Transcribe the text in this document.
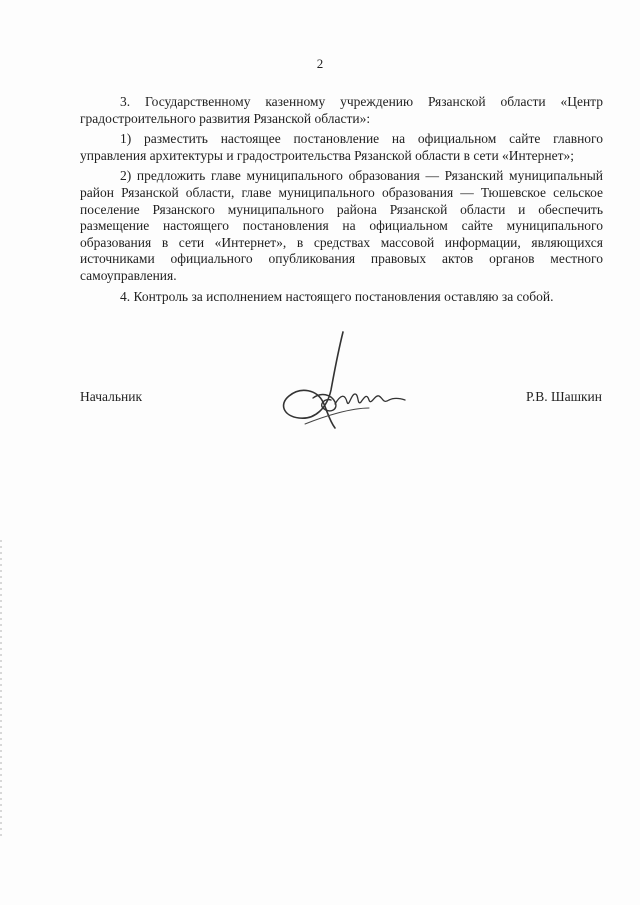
2

3. Государственному казенному учреждению Рязанской области «Центр градостроительного развития Рязанской области»:

1) разместить настоящее постановление на официальном сайте главного управления архитектуры и градостроительства Рязанской области в сети «Интернет»;

2) предложить главе муниципального образования — Рязанский муниципальный район Рязанской области, главе муниципального образования — Тюшевское сельское поселение Рязанского муниципального района Рязанской области и обеспечить размещение настоящего постановления на официальном сайте муниципального образования в сети «Интернет», в средствах массовой информации, являющихся источниками официального опубликования правовых актов органов местного самоуправления.

4. Контроль за исполнением настоящего постановления оставляю за собой.

Начальник	Р.В. Шашкин
